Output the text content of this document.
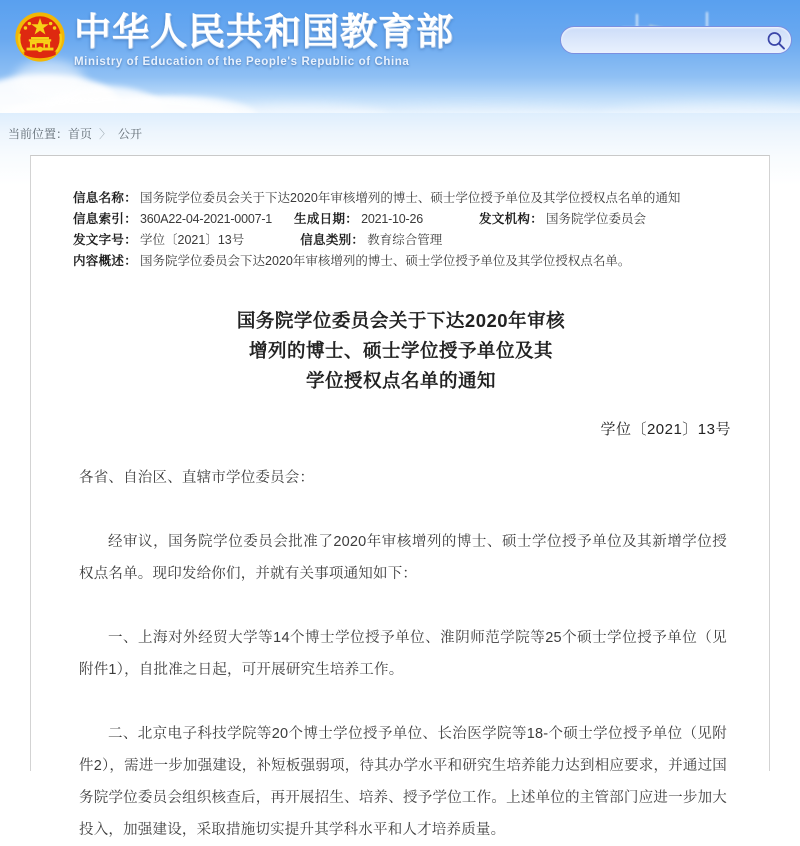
中华人民共和国教育部
Ministry of Education of the People's Republic of China
当前位置：首页 〉 公开
信息名称： 国务院学位委员会关于下达2020年审核增列的博士、硕士学位授予单位及其学位授权点名单的通知
信息索引： 360A22-04-2021-0007-1 生成日期： 2021-10-26	发文机构： 国务院学位委员会
发文字号： 学位〔2021〕13号	信息类别： 教育综合管理
内容概述： 国务院学位委员会下达2020年审核增列的博士、硕士学位授予单位及其学位授权点名单。
国务院学位委员会关于下达2020年审核
增列的博士、硕士学位授予单位及其
学位授权点名单的通知
学位〔2021〕13号

各省、自治区、直辖市学位委员会：

经审议，国务院学位委员会批准了2020年审核增列的博士、硕士学位授予单位及其新增学位授权点名单。现印发给你们，并就有关事项通知如下：

一、上海对外经贸大学等14个博士学位授予单位、淮阴师范学院等25个硕士学位授予单位（见附件1），自批准之日起，可开展研究生培养工作。

二、北京电子科技学院等20个博士学位授予单位、长治医学院等18-个硕士学位授予单位（见附件2），需进一步加强建设，补短板强弱项，待其办学水平和研究生培养能力达到相应要求，并通过国务院学位委员会组织核查后，再开展招生、培养、授予学位工作。上述单位的主管部门应进一步加大投入，加强建设，采取措施切实提升其学科水平和人才培养质量。
